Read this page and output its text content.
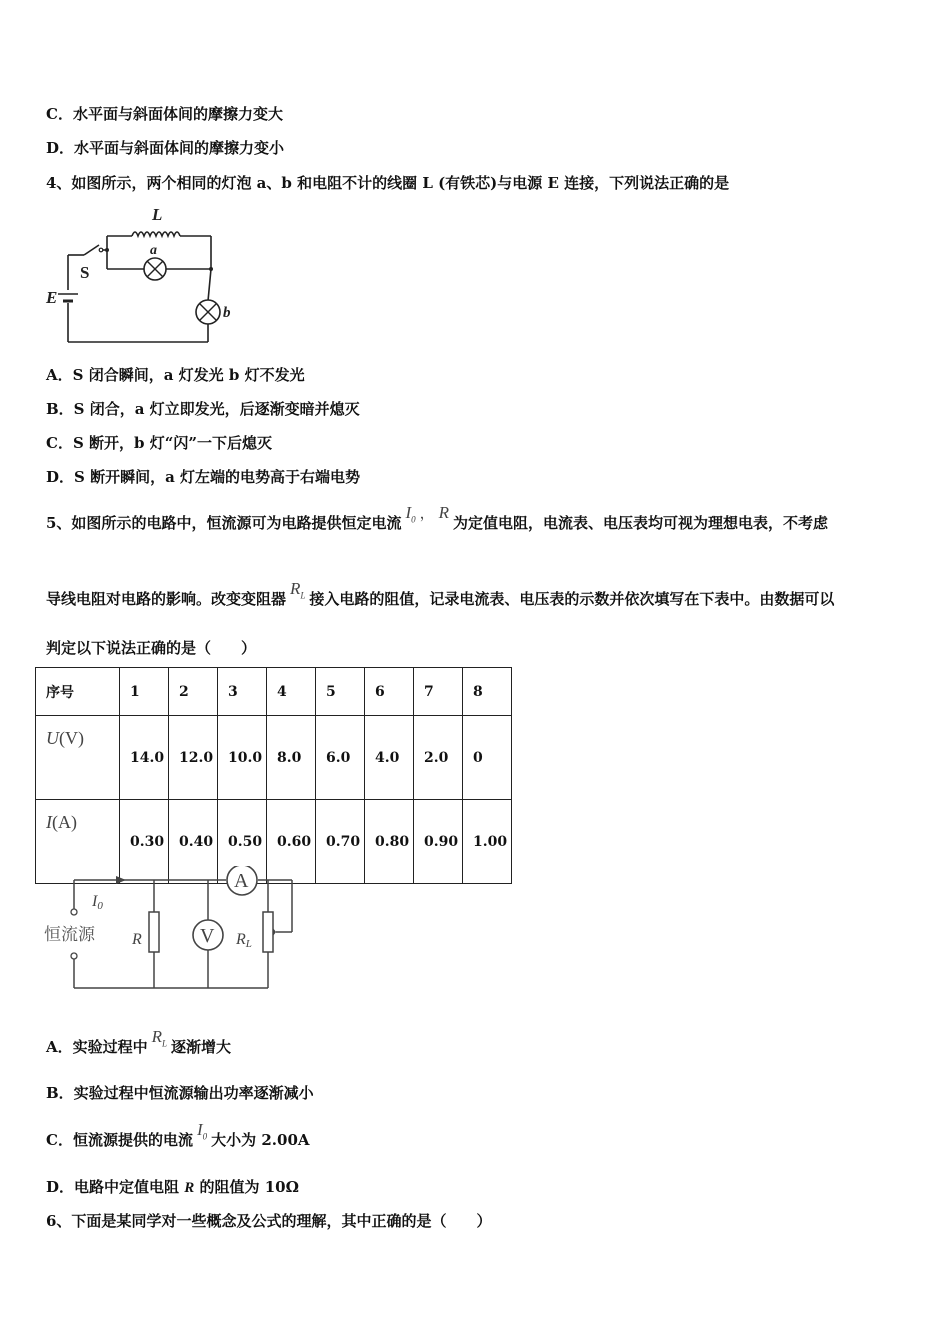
C．水平面与斜面体间的摩擦力变大
D．水平面与斜面体间的摩擦力变小
4、如图所示，两个相同的灯泡 a、b 和电阻不计的线圈 L (有铁芯)与电源 E 连接，下列说法正确的是
L
a
S
E
b
A．S 闭合瞬间，a 灯发光 b 灯不发光
B．S 闭合，a 灯立即发光，后逐渐变暗并熄灭
C．S 断开，b 灯“闪”一下后熄灭
D．S 断开瞬间，a 灯左端的电势高于右端电势
5、如图所示的电路中，恒流源可为电路提供恒定电流$I_0$ ， R为定值电阻，电流表、电压表均可视为理想电表，不考虑
导线电阻对电路的影响。改变变阻器$R_L$ 接入电路的阻值，记录电流表、电压表的示数并依次填写在下表中。由数据可以
判定以下说法正确的是（　　）
序号	1	2	3	4	5	6	7	8
U(V)	14.0	12.0	10.0	8.0	6.0	4.0	2.0	0
I(A)	0.30	0.40	0.50	0.60	0.70	0.80	0.90	1.00
V
A
I0
恒流源 R	RL
A．实验过程中$R_L$ 逐渐增大
B．实验过程中恒流源输出功率逐渐减小
C．恒流源提供的电流$I_0$ 大小为 2.00A
D．电路中定值电阻 R 的阻值为 10Ω
6、下面是某同学对一些概念及公式的理解，其中正确的是（　　）
